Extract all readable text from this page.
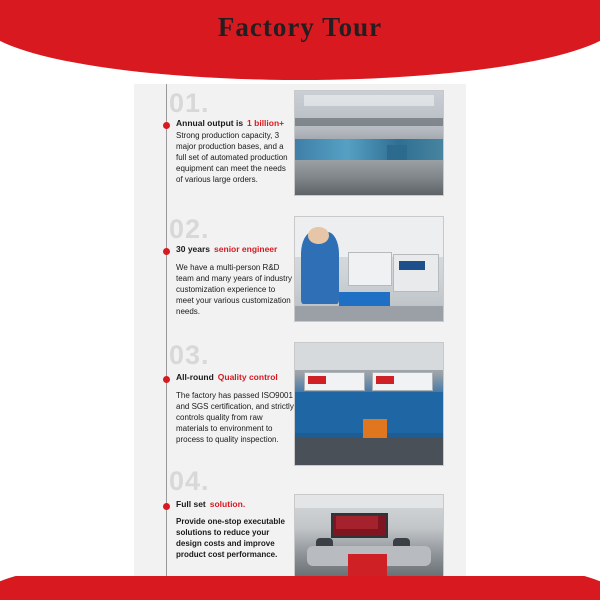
Factory Tour
01.
Annual output is 1 billion+
Strong production capacity, 3 major production bases, and a full set of automated production equipment can meet the needs of various large orders.
02.
30 years senior engineer
We have a multi-person R&D team and many years of industry customization experience to meet your various customization needs.
03.
All-round Quality control
The factory has passed ISO9001 and SGS certification, and strictly controls quality from raw materials to environment to process to quality inspection.
04.
Full set solution.
Provide one-stop executable solutions to reduce your design costs and improve product cost performance.
